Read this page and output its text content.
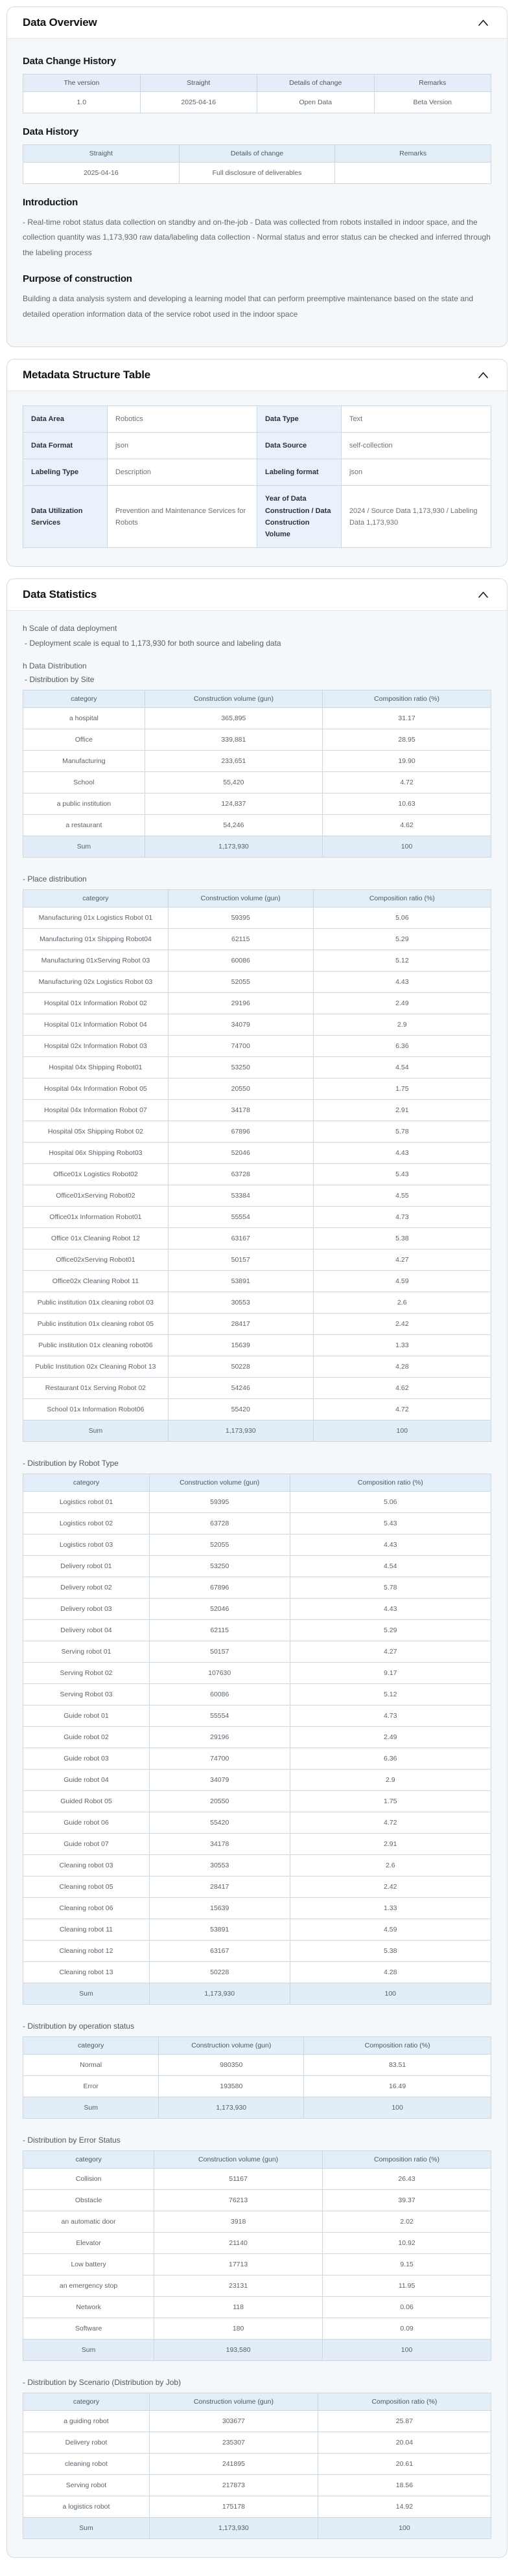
Data Overview
Data Change History
The version	Straight	Details of change	Remarks
1.0	2025-04-16	Open Data	Beta Version
Data History
Straight	Details of change	Remarks
2025-04-16	Full disclosure of deliverables	
Introduction

- Real-time robot status data collection on standby and on-the-job - Data was collected from robots installed in indoor space, and the collection quantity was 1,173,930 raw data/labeling data collection - Normal status and error status can be checked and inferred through the labeling process

Purpose of construction

Building a data analysis system and developing a learning model that can perform preemptive maintenance based on the state and detailed operation information data of the service robot used in the indoor space

Metadata Structure Table
Data Area	Robotics	Data Type	Text
Data Format	json	Data Source	self-collection
Labeling Type	Description	Labeling format	json
Data Utilization Services	Prevention and Maintenance Services for Robots	Year of Data Construction / Data Construction Volume	2024 / Source Data 1,173,930 / Labeling Data 1,173,930
Data Statistics

h Scale of data deployment

- Deployment scale is equal to 1,173,930 for both source and labeling data

h Data Distribution

- Distribution by Site
category	Construction volume (gun)	Composition ratio (%)
a hospital	365,895	31.17
Office	339,881	28.95
Manufacturing	233,651	19.90
School	55,420	4.72
a public institution	124,837	10.63
a restaurant	54,246	4.62
Sum	1,173,930	100
- Place distribution
category	Construction volume (gun)	Composition ratio (%)
Manufacturing 01x Logistics Robot 01	59395	5.06
Manufacturing 01x Shipping Robot04	62115	5.29
Manufacturing 01xServing Robot 03	60086	5.12
Manufacturing 02x Logistics Robot 03	52055	4.43
Hospital 01x Information Robot 02	29196	2.49
Hospital 01x Information Robot 04	34079	2.9
Hospital 02x Information Robot 03	74700	6.36
Hospital 04x Shipping Robot01	53250	4.54
Hospital 04x Information Robot 05	20550	1.75
Hospital 04x Information Robot 07	34178	2.91
Hospital 05x Shipping Robot 02	67896	5.78
Hospital 06x Shipping Robot03	52046	4.43
Office01x Logistics Robot02	63728	5.43
Office01xServing Robot02	53384	4.55
Office01x Information Robot01	55554	4.73
Office 01x Cleaning Robot 12	63167	5.38
Office02xServing Robot01	50157	4.27
Office02x Cleaning Robot 11	53891	4.59
Public institution 01x cleaning robot 03	30553	2.6
Public institution 01x cleaning robot 05	28417	2.42
Public institution 01x cleaning robot06	15639	1.33
Public Institution 02x Cleaning Robot 13	50228	4.28
Restaurant 01x Serving Robot 02	54246	4.62
School 01x Information Robot06	55420	4.72
Sum	1,173,930	100
- Distribution by Robot Type
category	Construction volume (gun)	Composition ratio (%)
Logistics robot 01	59395	5.06
Logistics robot 02	63728	5.43
Logistics robot 03	52055	4.43
Delivery robot 01	53250	4.54
Delivery robot 02	67896	5.78
Delivery robot 03	52046	4.43
Delivery robot 04	62115	5.29
Serving robot 01	50157	4.27
Serving Robot 02	107630	9.17
Serving Robot 03	60086	5.12
Guide robot 01	55554	4.73
Guide robot 02	29196	2.49
Guide robot 03	74700	6.36
Guide robot 04	34079	2.9
Guided Robot 05	20550	1.75
Guide robot 06	55420	4.72
Guide robot 07	34178	2.91
Cleaning robot 03	30553	2.6
Cleaning robot 05	28417	2.42
Cleaning robot 06	15639	1.33
Cleaning robot 11	53891	4.59
Cleaning robot 12	63167	5.38
Cleaning robot 13	50228	4.28
Sum	1,173,930	100
- Distribution by operation status
category	Construction volume (gun)	Composition ratio (%)
Normal	980350	83.51
Error	193580	16.49
Sum	1,173,930	100
- Distribution by Error Status
category	Construction volume (gun)	Composition ratio (%)
Collision	51167	26.43
Obstacle	76213	39.37
an automatic door	3918	2.02
Elevator	21140	10.92
Low battery	17713	9.15
an emergency stop	23131	11.95
Network	118	0.06
Software	180	0.09
Sum	193,580	100
- Distribution by Scenario (Distribution by Job)
category	Construction volume (gun)	Composition ratio (%)
a guiding robot	303677	25.87
Delivery robot	235307	20.04
cleaning robot	241895	20.61
Serving robot	217873	18.56
a logistics robot	175178	14.92
Sum	1,173,930	100
